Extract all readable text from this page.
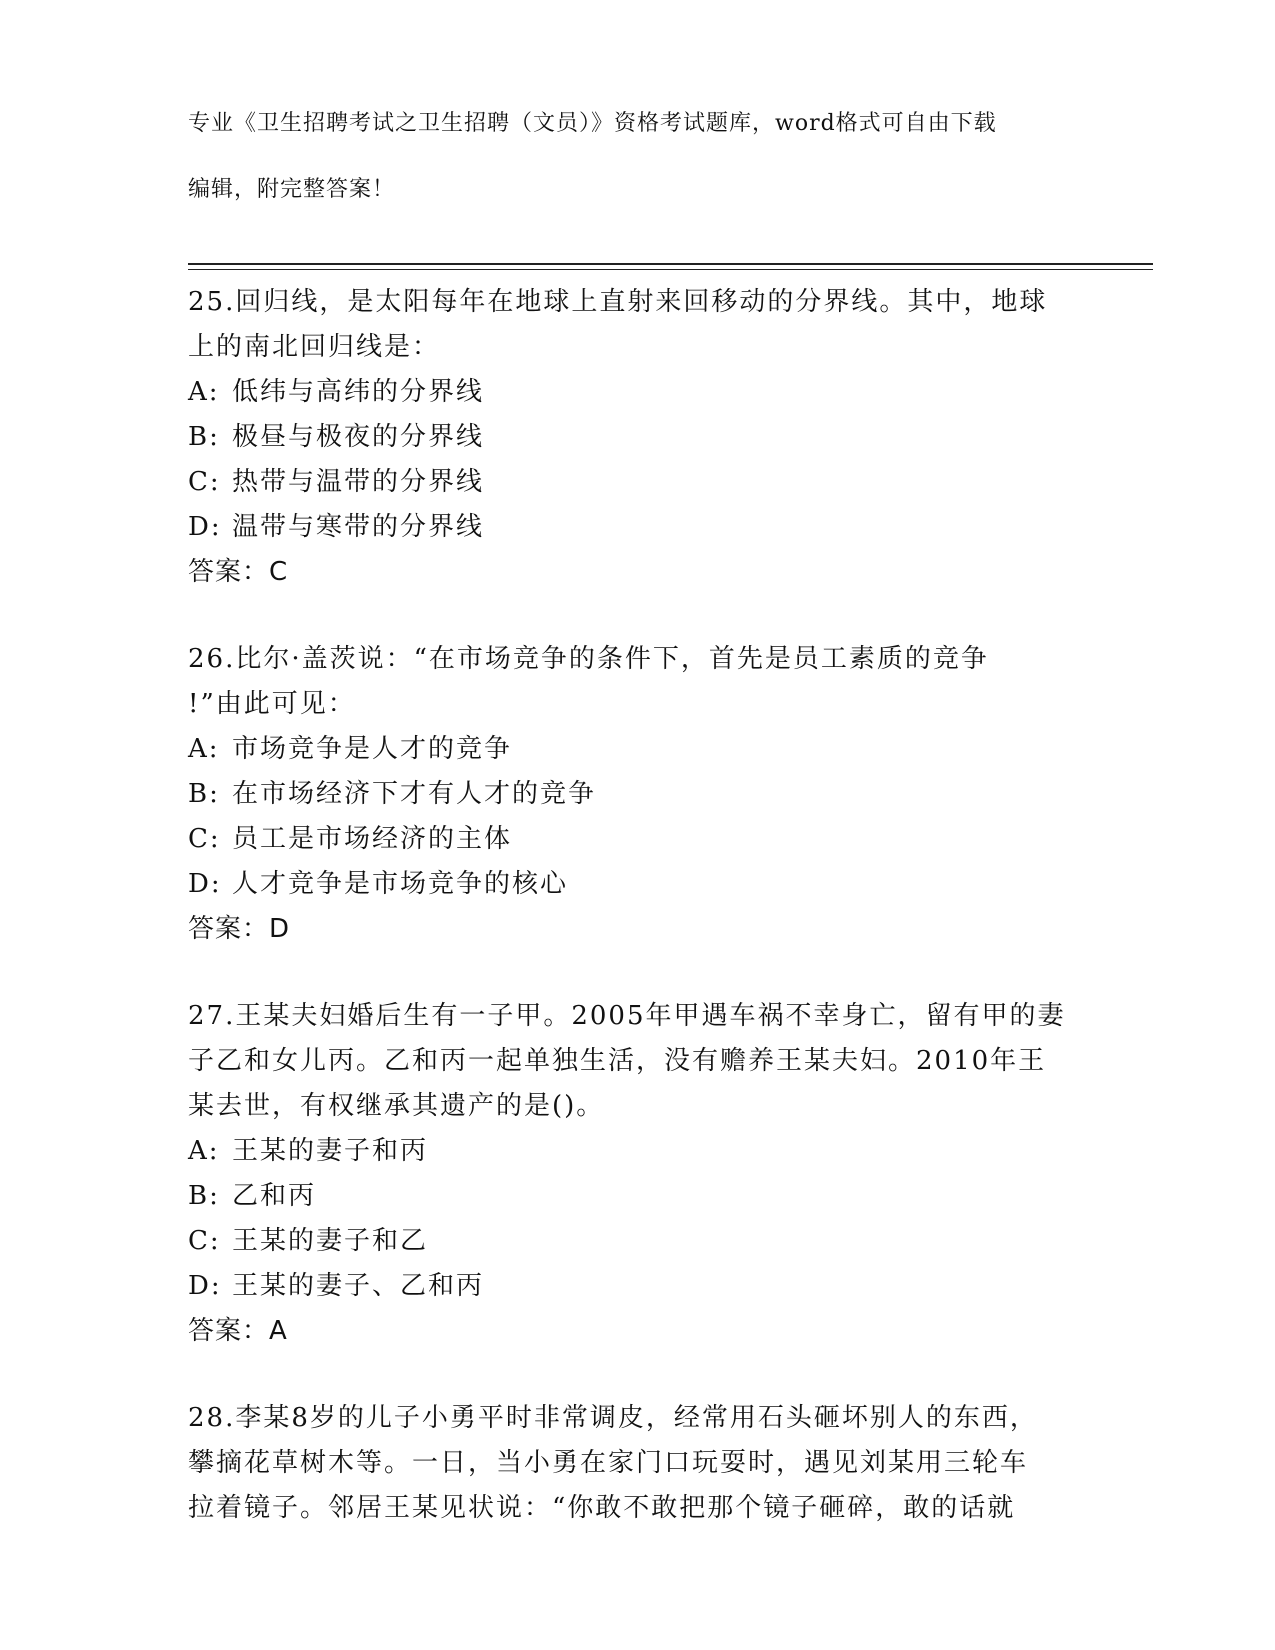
专业《卫生招聘考试之卫生招聘（文员）》资格考试题库，word格式可自由下载

编辑，附完整答案！

25.回归线，是太阳每年在地球上直射来回移动的分界线。其中，地球
上的南北回归线是：
A: 低纬与高纬的分界线
B: 极昼与极夜的分界线
C: 热带与温带的分界线
D: 温带与寒带的分界线
答案：C
26.比尔·盖茨说：“在市场竞争的条件下，首先是员工素质的竞争
!”由此可见：
A: 市场竞争是人才的竞争
B: 在市场经济下才有人才的竞争
C: 员工是市场经济的主体
D: 人才竞争是市场竞争的核心
答案：D
27.王某夫妇婚后生有一子甲。2005年甲遇车祸不幸身亡，留有甲的妻
子乙和女儿丙。乙和丙一起单独生活，没有赡养王某夫妇。2010年王
某去世，有权继承其遗产的是()。
A: 王某的妻子和丙
B: 乙和丙
C: 王某的妻子和乙
D: 王某的妻子、乙和丙
答案：A
28.李某8岁的儿子小勇平时非常调皮，经常用石头砸坏别人的东西，
攀摘花草树木等。一日，当小勇在家门口玩耍时，遇见刘某用三轮车
拉着镜子。邻居王某见状说：“你敢不敢把那个镜子砸碎，敢的话就
